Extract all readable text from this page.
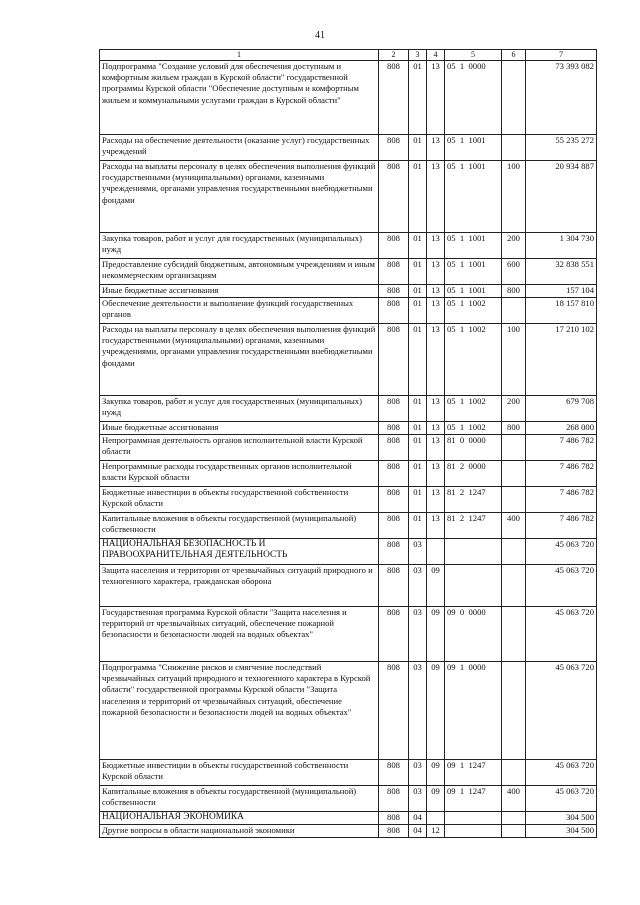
41
1	2	3	4	5	6	7
Подпрограмма "Создание условий для обеспечения доступным и комфортным жильем граждан в Курской области" государственной программы Курской области "Обеспечение доступным и комфортным жильем и коммунальными услугами граждан в Курской области"	808	01	13	05  1  0000		73 393 082
Расходы на обеспечение деятельности (оказание услуг) государственных учреждений	808	01	13	05  1  1001		55 235 272
Расходы на выплаты персоналу в целях обеспечения выполнения функций государственными (муниципальными) органами, казенными учреждениями, органами управления государственными внебюджетными фондами	808	01	13	05  1  1001	100	20 934 887
Закупка товаров, работ и услуг для государственных (муниципальных) нужд	808	01	13	05  1  1001	200	1 304 730
Предоставление субсидий бюджетным, автономным учреждениям и иным некоммерческим организациям	808	01	13	05  1  1001	600	32 838 551
Иные бюджетные ассигнования	808	01	13	05  1  1001	800	157 104
Обеспечение деятельности и выполнение функций государственных органов	808	01	13	05  1  1002		18 157 810
Расходы на выплаты персоналу в целях обеспечения выполнения функций государственными (муниципальными) органами, казенными учреждениями, органами управления государственными внебюджетными фондами	808	01	13	05  1  1002	100	17 210 102
Закупка товаров, работ и услуг для государственных (муниципальных) нужд	808	01	13	05  1  1002	200	679 708
Иные бюджетные ассигнования	808	01	13	05  1  1002	800	268 000
Непрограммная деятельность органов исполнительной власти Курской области	808	01	13	81  0  0000		7 486 782
Непрограммные расходы государственных органов исполнительной власти Курской области	808	01	13	81  2  0000		7 486 782
Бюджетные инвестиции в объекты государственной собственности Курской области	808	01	13	81  2  1247		7 486 782
Капитальные вложения в объекты государственной (муниципальной) собственности	808	01	13	81  2  1247	400	7 486 782
НАЦИОНАЛЬНАЯ БЕЗОПАСНОСТЬ И ПРАВООХРАНИТЕЛЬНАЯ ДЕЯТЕЛЬНОСТЬ	808	03				45 063 720
Защита населения и территории от чрезвычайных ситуаций природного и техногенного характера, гражданская оборона	808	03	09			45 063 720
Государственная программа Курской области "Защита населения и территорий от чрезвычайных ситуаций, обеспечение пожарной безопасности и безопасности людей на водных объектах"	808	03	09	09  0  0000		45 063 720
Подпрограмма "Снижение рисков и смягчение последствий чрезвычайных ситуаций природного и техногенного характера в Курской области" государственной программы Курской области "Защита населения и территорий от чрезвычайных ситуаций, обеспечение пожарной безопасности и безопасности людей на водных объектах"	808	03	09	09  1  0000		45 063 720
Бюджетные инвестиции в объекты государственной собственности Курской области	808	03	09	09  1  1247		45 063 720
Капитальные вложения в объекты государственной (муниципальной) собственности	808	03	09	09  1  1247	400	45 063 720
НАЦИОНАЛЬНАЯ ЭКОНОМИКА	808	04				304 500
Другие вопросы в области национальной экономики	808	04	12			304 500
